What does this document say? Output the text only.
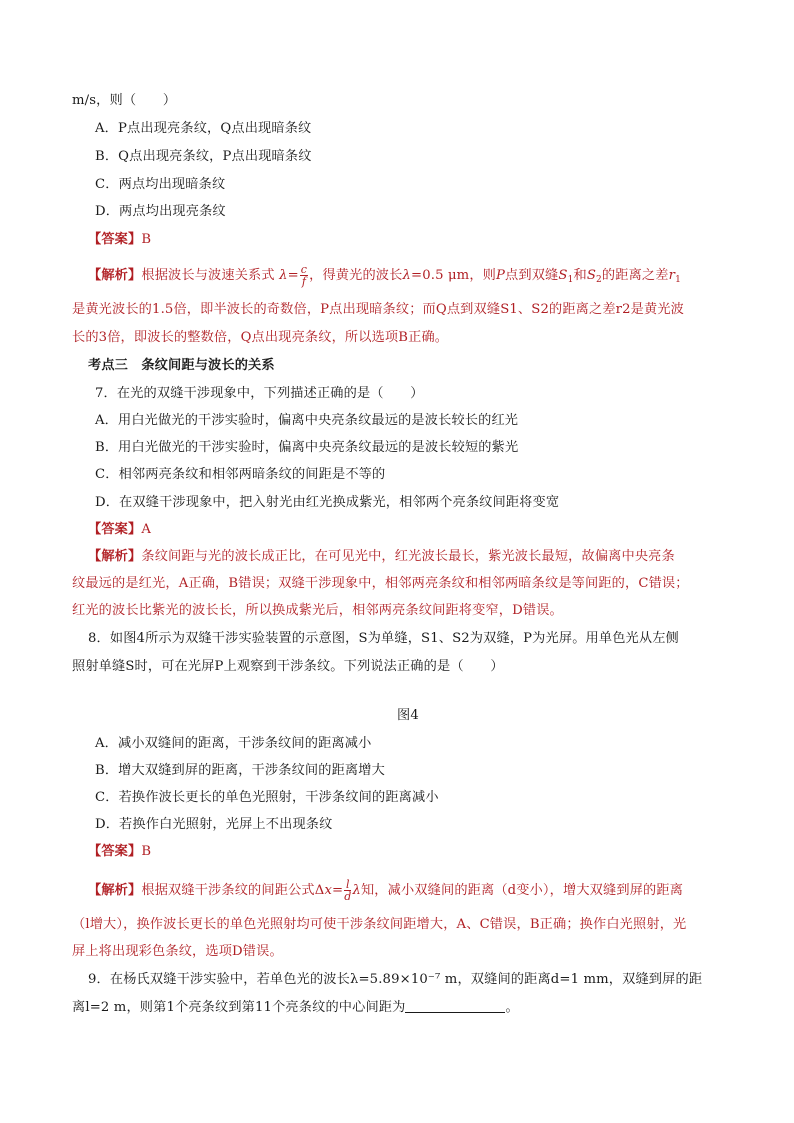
m/s，则（　　）
A．P点出现亮条纹，Q点出现暗条纹
B．Q点出现亮条纹，P点出现暗条纹
C．两点均出现暗条纹
D．两点均出现亮条纹
【答案】B
【解析】根据波长与波速关系式 $\lambda= \frac{c}{f}$ ，得黄光的波长λ=0.5 μm，则P点到双缝$S_1$和$S_2$的距离之差$r_1$
是黄光波长的1.5倍，即半波长的奇数倍，P点出现暗条纹；而Q点到双缝S1、S2的距离之差r2是黄光波
长的3倍，即波长的整数倍，Q点出现亮条纹，所以选项B正确。
考点三　条纹间距与波长的关系
7．在光的双缝干涉现象中，下列描述正确的是（　　）
A．用白光做光的干涉实验时，偏离中央亮条纹最远的是波长较长的红光
B．用白光做光的干涉实验时，偏离中央亮条纹最远的是波长较短的紫光
C．相邻两亮条纹和相邻两暗条纹的间距是不等的
D．在双缝干涉现象中，把入射光由红光换成紫光，相邻两个亮条纹间距将变宽
【答案】A
【解析】条纹间距与光的波长成正比，在可见光中，红光波长最长，紫光波长最短，故偏离中央亮条
纹最远的是红光，A正确，B错误；双缝干涉现象中，相邻两亮条纹和相邻两暗条纹是等间距的，C错误；
红光的波长比紫光的波长长，所以换成紫光后，相邻两亮条纹间距将变窄，D错误。
8．如图4所示为双缝干涉实验装置的示意图，S为单缝，S1、S2为双缝，P为光屏。用单色光从左侧
照射单缝S时，可在光屏P上观察到干涉条纹。下列说法正确的是（　　）
图4
A．减小双缝间的距离，干涉条纹间的距离减小
B．增大双缝到屏的距离，干涉条纹间的距离增大
C．若换作波长更长的单色光照射，干涉条纹间的距离减小
D．若换作白光照射，光屏上不出现条纹
【答案】B
【解析】根据双缝干涉条纹的间距公式$\Delta x= \frac{l}{d}$ λ知，减小双缝间的距离（d变小），增大双缝到屏的距离
（l增大），换作波长更长的单色光照射均可使干涉条纹间距增大，A、C错误，B正确；换作白光照射，光
屏上将出现彩色条纹，选项D错误。
9．在杨氏双缝干涉实验中，若单色光的波长λ=5.89×10⁻⁷ m，双缝间的距离d=1 mm，双缝到屏的距
离l=2 m，则第1个亮条纹到第11个亮条纹的中心间距为	。
